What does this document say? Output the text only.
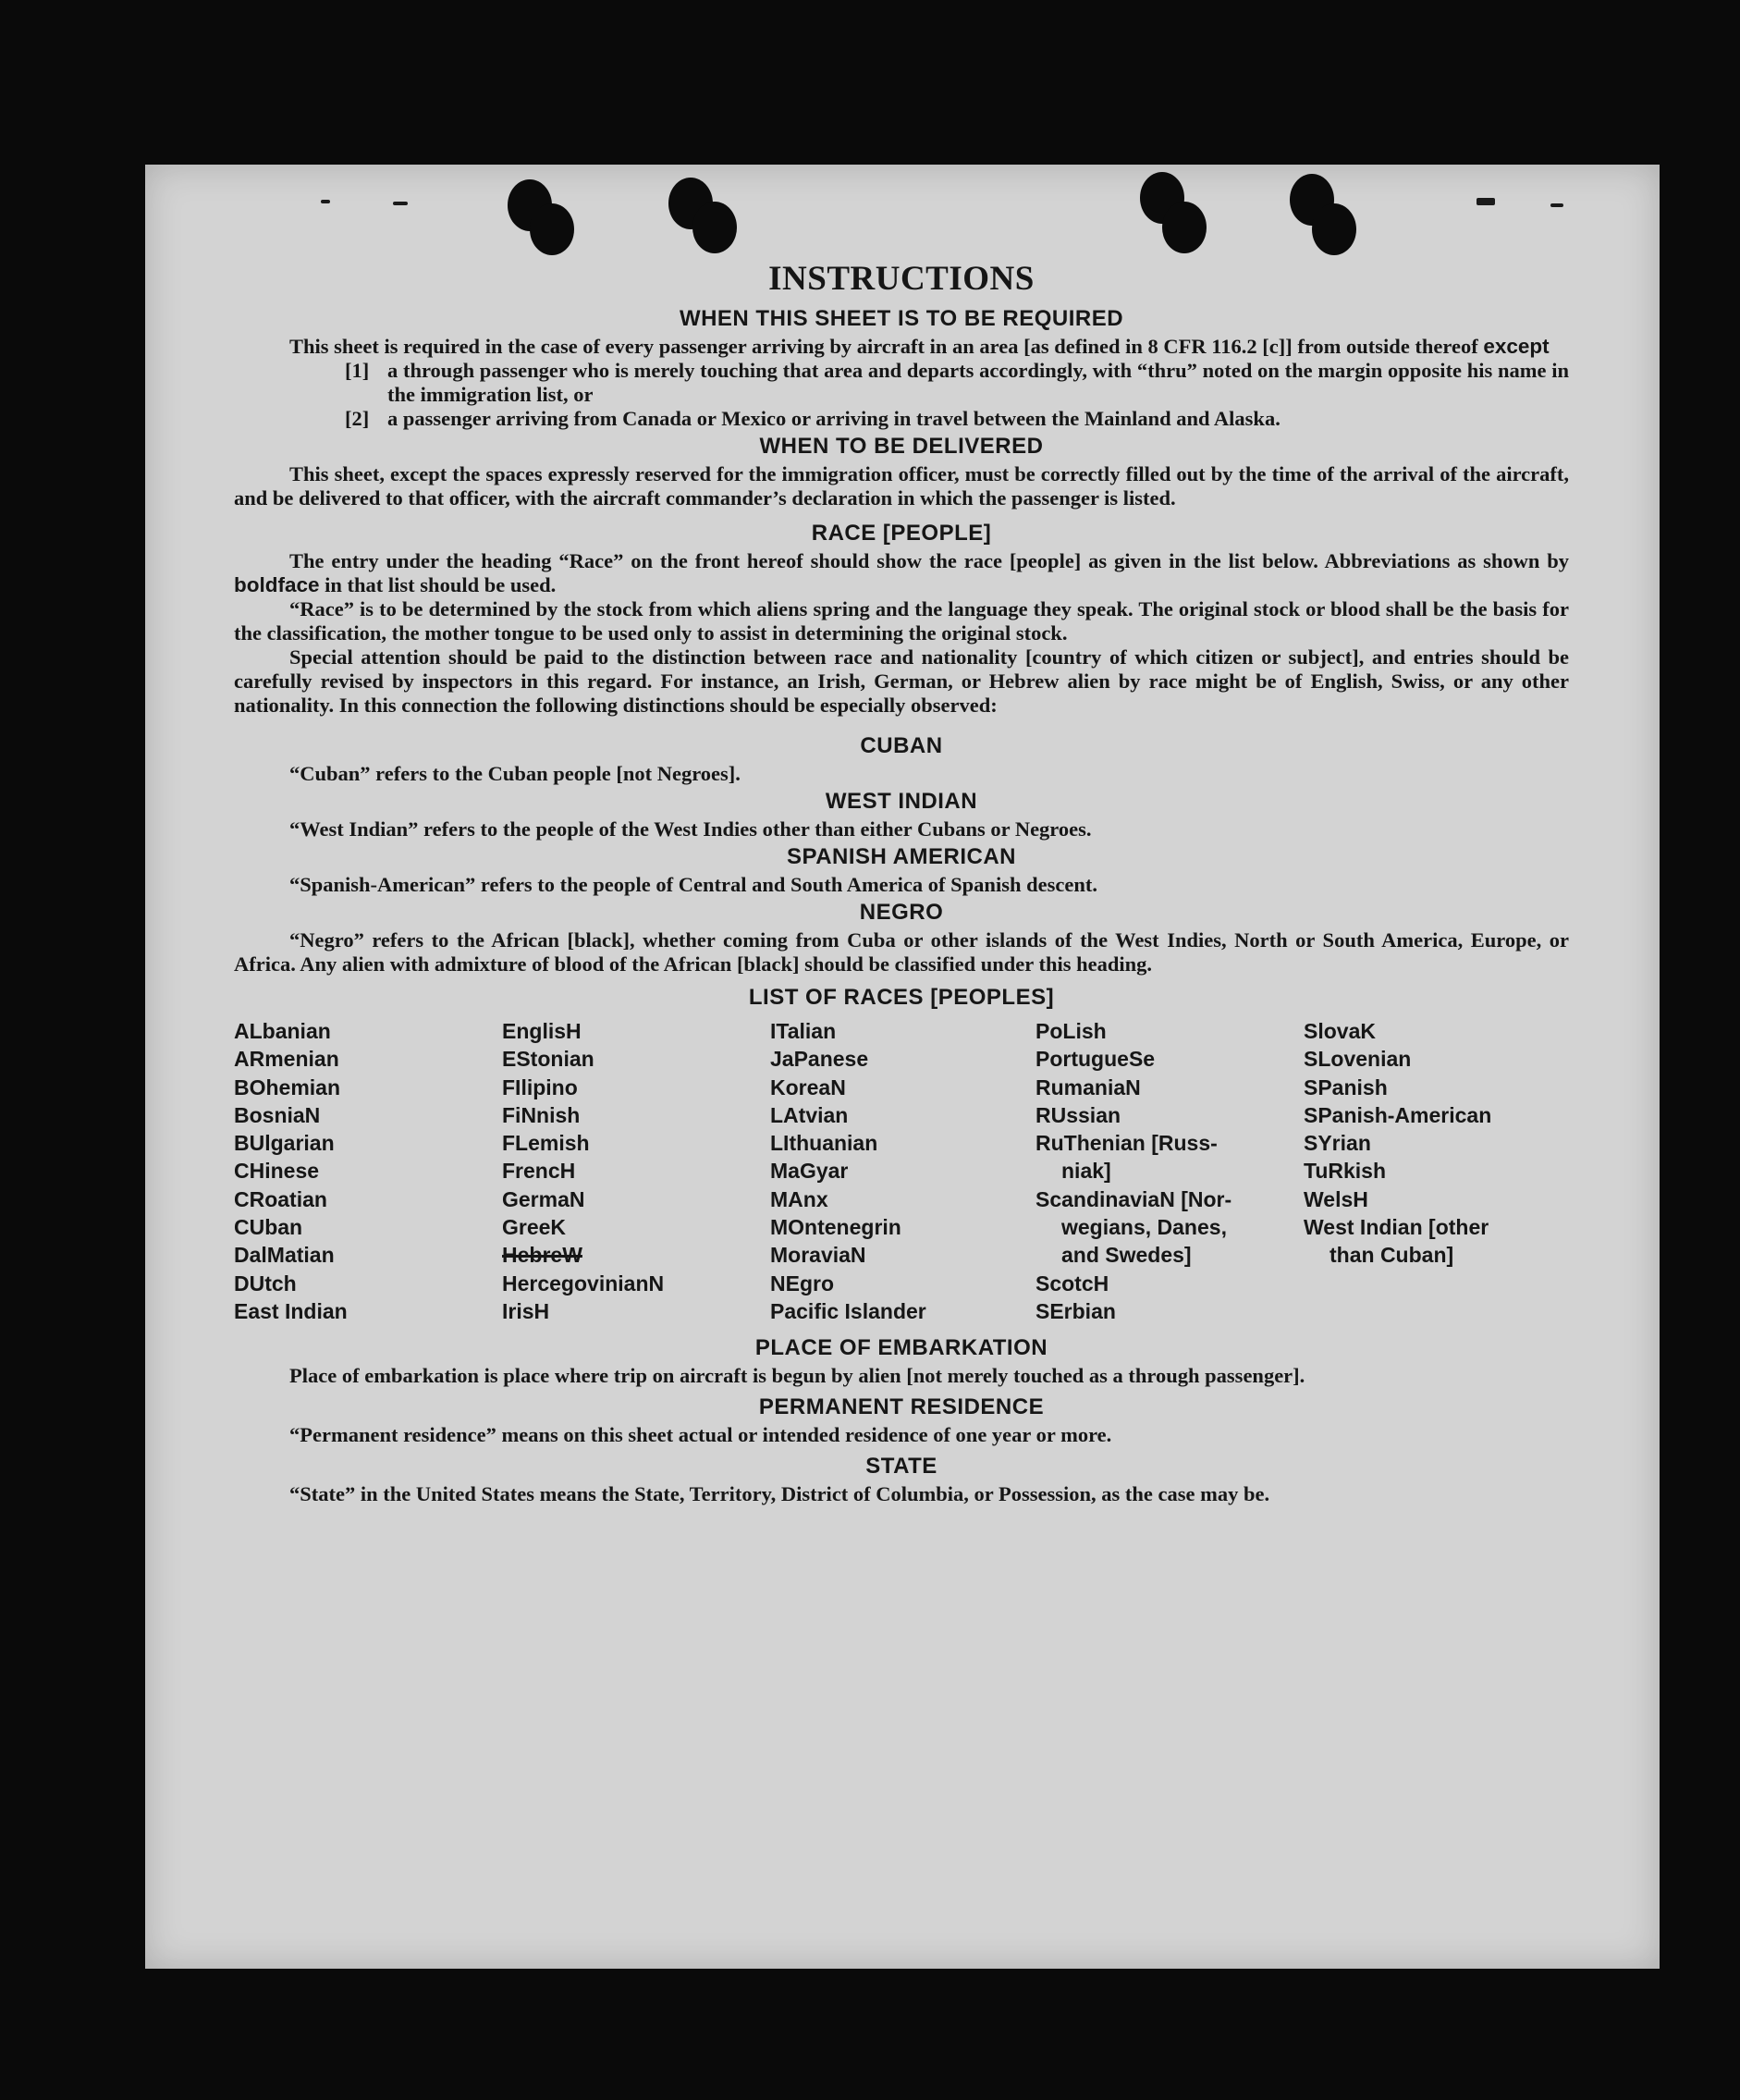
INSTRUCTIONS
WHEN THIS SHEET IS TO BE REQUIRED

This sheet is required in the case of every passenger arriving by aircraft in an area [as defined in 8 CFR 116.2 [c]] from outside thereof except

[1] a through passenger who is merely touching that area and departs accordingly, with “thru” noted on the margin opposite his name in the immigration list, or
[2] a passenger arriving from Canada or Mexico or arriving in travel between the Mainland and Alaska.
WHEN TO BE DELIVERED

This sheet, except the spaces expressly reserved for the immigration officer, must be correctly filled out by the time of the arrival of the aircraft, and be delivered to that officer, with the aircraft commander’s declaration in which the passenger is listed.

RACE [PEOPLE]

The entry under the heading “Race” on the front hereof should show the race [people] as given in the list below. Abbreviations as shown by boldface in that list should be used.

“Race” is to be determined by the stock from which aliens spring and the language they speak. The original stock or blood shall be the basis for the classification, the mother tongue to be used only to assist in determining the original stock.

Special attention should be paid to the distinction between race and nationality [country of which citizen or subject], and entries should be carefully revised by inspectors in this regard. For instance, an Irish, German, or Hebrew alien by race might be of English, Swiss, or any other nationality. In this connection the following distinctions should be especially observed:

CUBAN

“Cuban” refers to the Cuban people [not Negroes].

WEST INDIAN

“West Indian” refers to the people of the West Indies other than either Cubans or Negroes.

SPANISH AMERICAN

“Spanish-American” refers to the people of Central and South America of Spanish descent.

NEGRO

“Negro” refers to the African [black], whether coming from Cuba or other islands of the West Indies, North or South America, Europe, or Africa. Any alien with admixture of blood of the African [black] should be classified under this heading.

LIST OF RACES [PEOPLES]
ALbanian
ARmenian
BOhemian
BosniaN
BUlgarian
CHinese
CRoatian
CUban
DalMatian
DUtch
East Indian
EnglisH
EStonian
FIlipino
FiNnish
FLemish
FrencH
GermaN
GreeK
HebreW
HercegovinianN
IrisH
ITalian
JaPanese
KoreaN
LAtvian
LIthuanian
MaGyar
MAnx
MOntenegrin
MoraviaN
NEgro
Pacific Islander
PoLish
PortugueSe
RumaniaN
RUssian
RuThenian [Russ-
niak]
ScandinaviaN [Nor-
wegians, Danes,
and Swedes]
ScotcH
SErbian
SlovaK
SLovenian
SPanish
SPanish-American
SYrian
TuRkish
WelsH
West Indian [other
than Cuban]
PLACE OF EMBARKATION

Place of embarkation is place where trip on aircraft is begun by alien [not merely touched as a through passenger].

PERMANENT RESIDENCE

“Permanent residence” means on this sheet actual or intended residence of one year or more.

STATE

“State” in the United States means the State, Territory, District of Columbia, or Possession, as the case may be.
